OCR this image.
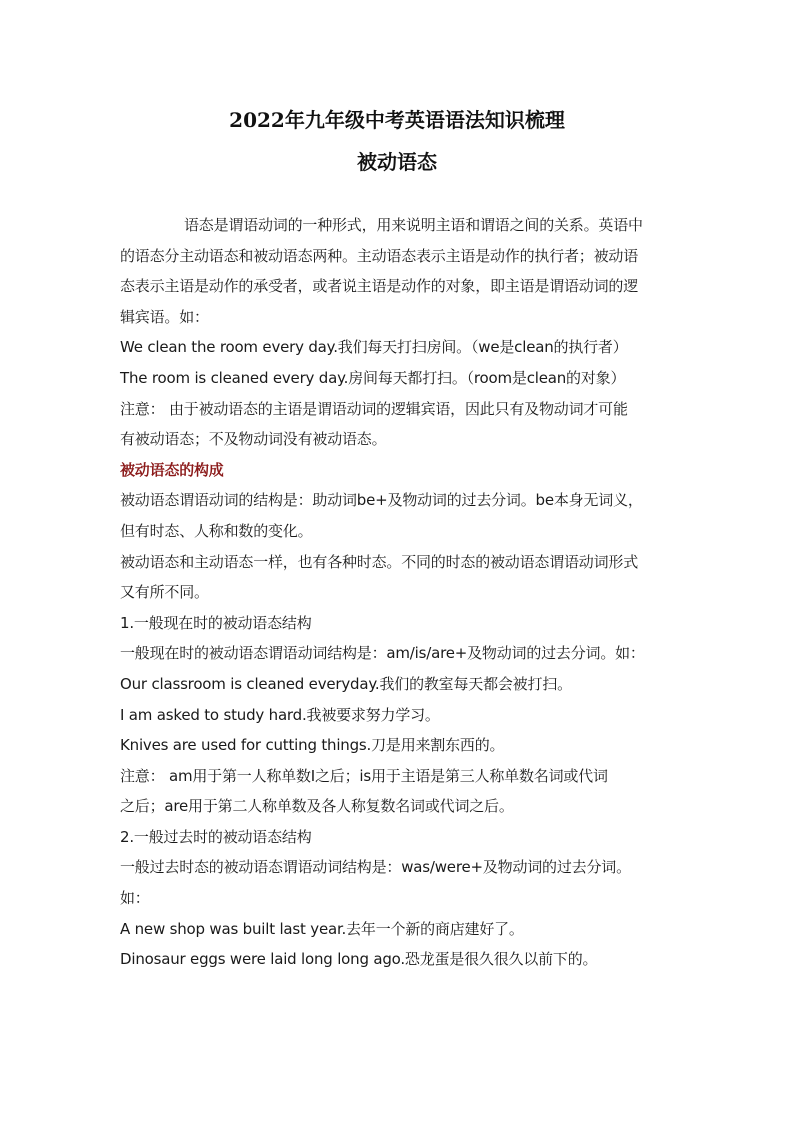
2022年九年级中考英语语法知识梳理
被动语态
语态是谓语动词的一种形式，用来说明主语和谓语之间的关系。英语中
的语态分主动语态和被动语态两种。主动语态表示主语是动作的执行者；被动语
态表示主语是动作的承受者，或者说主语是动作的对象，即主语是谓语动词的逻
辑宾语。如：
We clean the room every day.我们每天打扫房间。（we是clean的执行者）
The room is cleaned every day.房间每天都打扫。（room是clean的对象）
注意： 由于被动语态的主语是谓语动词的逻辑宾语，因此只有及物动词才可能
有被动语态；不及物动词没有被动语态。
被动语态的构成
被动语态谓语动词的结构是：助动词be+及物动词的过去分词。be本身无词义，
但有时态、人称和数的变化。
被动语态和主动语态一样，也有各种时态。不同的时态的被动语态谓语动词形式
又有所不同。
1.一般现在时的被动语态结构
一般现在时的被动语态谓语动词结构是：am/is/are+及物动词的过去分词。如：
Our classroom is cleaned everyday.我们的教室每天都会被打扫。
I am asked to study hard.我被要求努力学习。
Knives are used for cutting things.刀是用来割东西的。
注意： am用于第一人称单数I之后；is用于主语是第三人称单数名词或代词
之后；are用于第二人称单数及各人称复数名词或代词之后。
2.一般过去时的被动语态结构
一般过去时态的被动语态谓语动词结构是：was/were+及物动词的过去分词。
如：
A new shop was built last year.去年一个新的商店建好了。
Dinosaur eggs were laid long long ago.恐龙蛋是很久很久以前下的。
